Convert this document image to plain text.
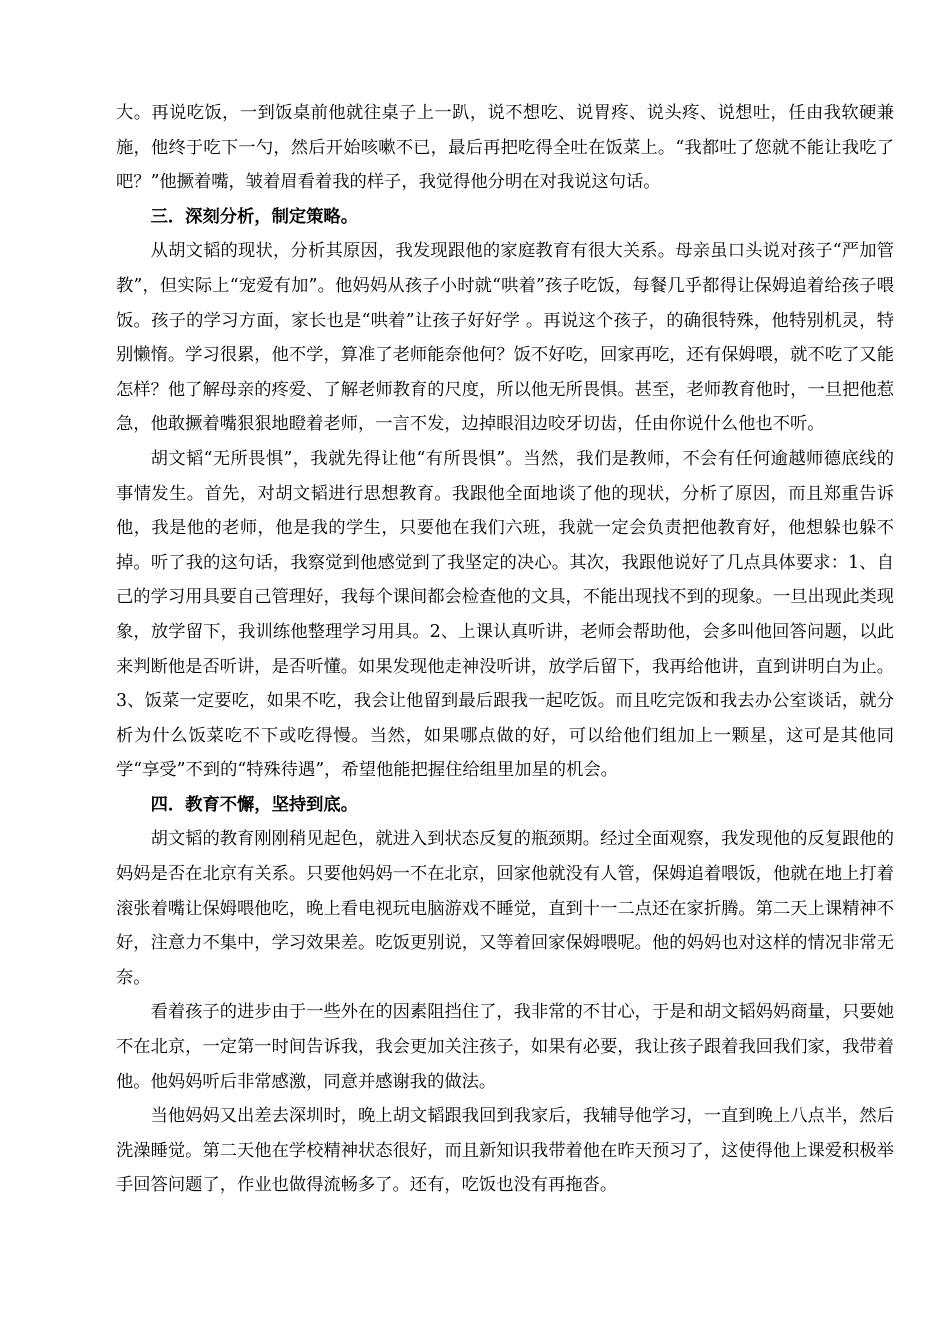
大。再说吃饭，一到饭桌前他就往桌子上一趴，说不想吃、说胃疼、说头疼、说想吐，任由我软硬兼施，他终于吃下一勺，然后开始咳嗽不已，最后再把吃得全吐在饭菜上。“我都吐了您就不能让我吃了吧？”他撅着嘴，皱着眉看着我的样子，我觉得他分明在对我说这句话。

三．深刻分析，制定策略。

从胡文韬的现状，分析其原因，我发现跟他的家庭教育有很大关系。母亲虽口头说对孩子“严加管教”，但实际上“宠爱有加”。他妈妈从孩子小时就“哄着”孩子吃饭，每餐几乎都得让保姆追着给孩子喂饭。孩子的学习方面，家长也是“哄着”让孩子好好学 。再说这个孩子，的确很特殊，他特别机灵，特别懒惰。学习很累，他不学，算准了老师能奈他何？饭不好吃，回家再吃，还有保姆喂，就不吃了又能怎样？他了解母亲的疼爱、了解老师教育的尺度，所以他无所畏惧。甚至，老师教育他时，一旦把他惹急，他敢撅着嘴狠狠地瞪着老师，一言不发，边掉眼泪边咬牙切齿，任由你说什么他也不听。

胡文韬“无所畏惧”，我就先得让他“有所畏惧”。当然，我们是教师，不会有任何逾越师德底线的事情发生。首先，对胡文韬进行思想教育。我跟他全面地谈了他的现状，分析了原因，而且郑重告诉他，我是他的老师，他是我的学生，只要他在我们六班，我就一定会负责把他教育好，他想躲也躲不掉。听了我的这句话，我察觉到他感觉到了我坚定的决心。其次，我跟他说好了几点具体要求：1、自己的学习用具要自己管理好，我每个课间都会检查他的文具，不能出现找不到的现象。一旦出现此类现象，放学留下，我训练他整理学习用具。2、上课认真听讲，老师会帮助他，会多叫他回答问题，以此来判断他是否听讲，是否听懂。如果发现他走神没听讲，放学后留下，我再给他讲，直到讲明白为止。3、饭菜一定要吃，如果不吃，我会让他留到最后跟我一起吃饭。而且吃完饭和我去办公室谈话，就分析为什么饭菜吃不下或吃得慢。当然，如果哪点做的好，可以给他们组加上一颗星，这可是其他同学“享受”不到的“特殊待遇”，希望他能把握住给组里加星的机会。

四．教育不懈，坚持到底。

胡文韬的教育刚刚稍见起色，就进入到状态反复的瓶颈期。经过全面观察，我发现他的反复跟他的妈妈是否在北京有关系。只要他妈妈一不在北京，回家他就没有人管，保姆追着喂饭，他就在地上打着滚张着嘴让保姆喂他吃，晚上看电视玩电脑游戏不睡觉，直到十一二点还在家折腾。第二天上课精神不好，注意力不集中，学习效果差。吃饭更别说，又等着回家保姆喂呢。他的妈妈也对这样的情况非常无奈。

看着孩子的进步由于一些外在的因素阻挡住了，我非常的不甘心，于是和胡文韬妈妈商量，只要她不在北京，一定第一时间告诉我，我会更加关注孩子，如果有必要，我让孩子跟着我回我们家，我带着他。他妈妈听后非常感激，同意并感谢我的做法。

当他妈妈又出差去深圳时，晚上胡文韬跟我回到我家后，我辅导他学习，一直到晚上八点半，然后洗澡睡觉。第二天他在学校精神状态很好，而且新知识我带着他在昨天预习了，这使得他上课爱积极举手回答问题了，作业也做得流畅多了。还有，吃饭也没有再拖沓。
